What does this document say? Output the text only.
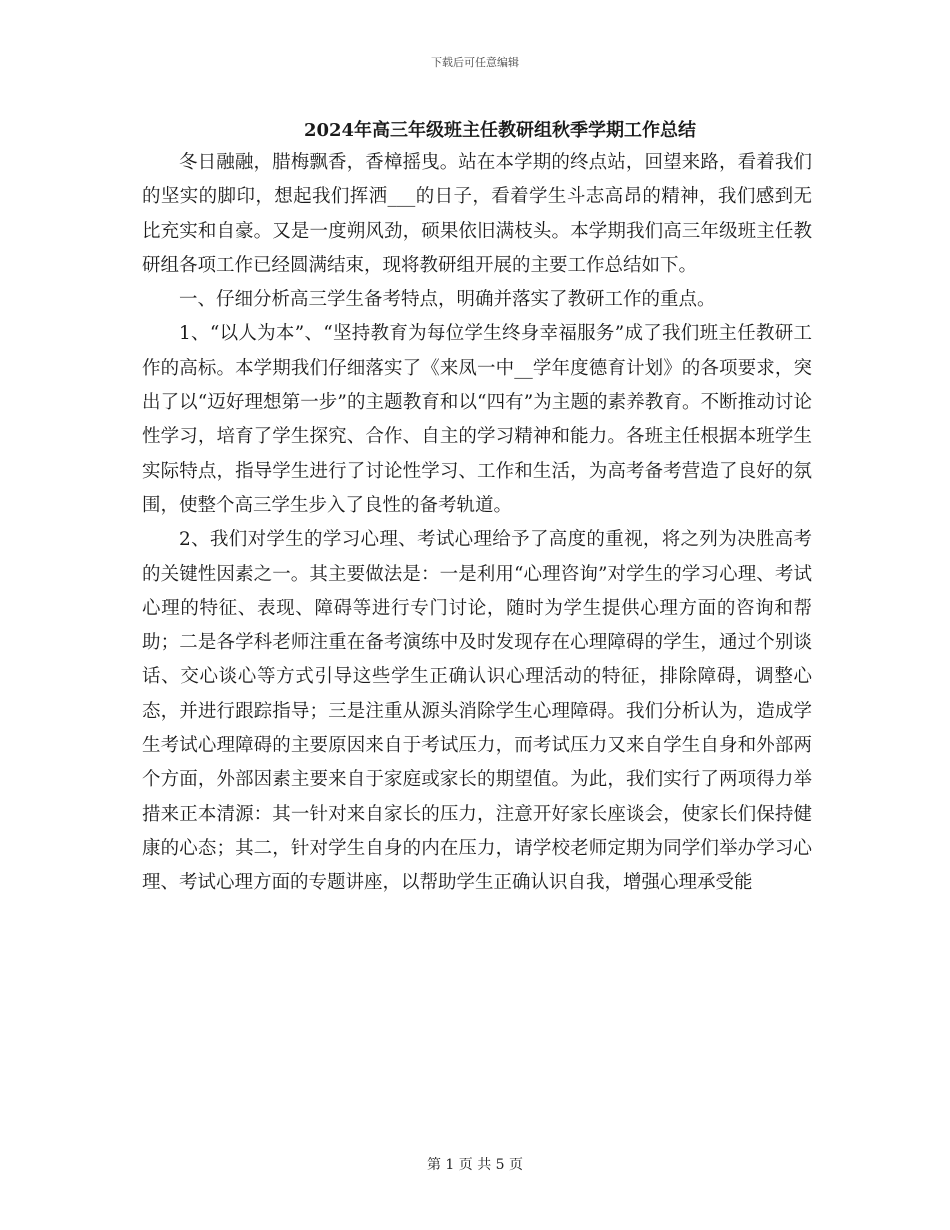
下载后可任意编辑
2024年高三年级班主任教研组秋季学期工作总结

冬日融融，腊梅飘香，香樟摇曳。站在本学期的终点站，回望来路，看着我们的坚实的脚印，想起我们挥洒___的日子，看着学生斗志高昂的精神，我们感到无比充实和自豪。又是一度朔风劲，硕果依旧满枝头。本学期我们高三年级班主任教研组各项工作已经圆满结束，现将教研组开展的主要工作总结如下。

一、仔细分析高三学生备考特点，明确并落实了教研工作的重点。

1、“以人为本”、“坚持教育为每位学生终身幸福服务”成了我们班主任教研工作的高标。本学期我们仔细落实了《来凤一中__学年度德育计划》的各项要求，突出了以“迈好理想第一步”的主题教育和以“四有”为主题的素养教育。不断推动讨论性学习，培育了学生探究、合作、自主的学习精神和能力。各班主任根据本班学生实际特点，指导学生进行了讨论性学习、工作和生活，为高考备考营造了良好的氛围，使整个高三学生步入了良性的备考轨道。

2、我们对学生的学习心理、考试心理给予了高度的重视，将之列为决胜高考的关键性因素之一。其主要做法是：一是利用“心理咨询”对学生的学习心理、考试心理的特征、表现、障碍等进行专门讨论，随时为学生提供心理方面的咨询和帮助；二是各学科老师注重在备考演练中及时发现存在心理障碍的学生，通过个别谈话、交心谈心等方式引导这些学生正确认识心理活动的特征，排除障碍，调整心态，并进行跟踪指导；三是注重从源头消除学生心理障碍。我们分析认为，造成学生考试心理障碍的主要原因来自于考试压力，而考试压力又来自学生自身和外部两个方面，外部因素主要来自于家庭或家长的期望值。为此，我们实行了两项得力举措来正本清源：其一针对来自家长的压力，注意开好家长座谈会，使家长们保持健康的心态；其二，针对学生自身的内在压力，请学校老师定期为同学们举办学习心理、考试心理方面的专题讲座，以帮助学生正确认识自我，增强心理承受能

第 1 页 共 5 页
